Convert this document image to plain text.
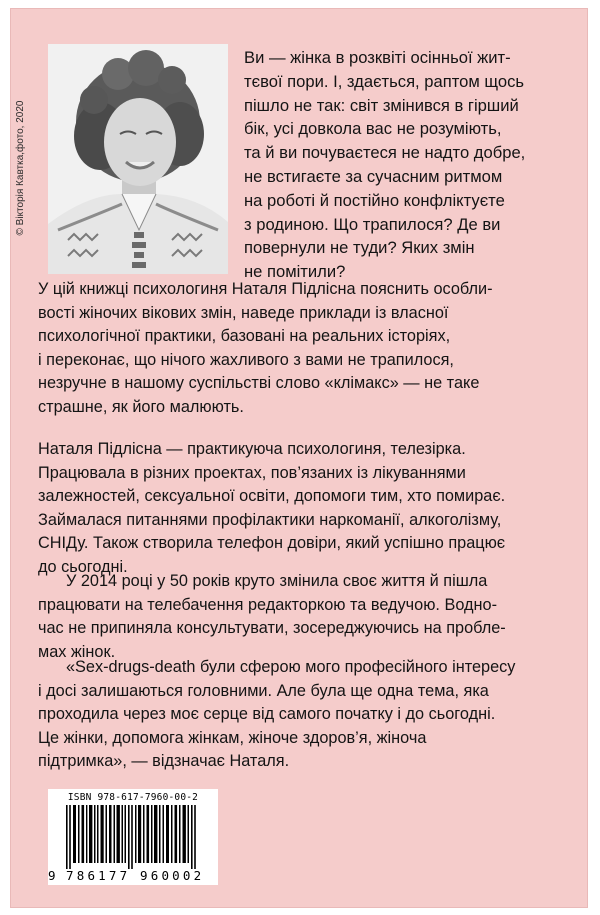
© Вікторія Кавтка,фото, 2020
Ви — жінка в розквіті осінньої жит-
тєвої пори. І, здається, раптом щось
пішло не так: світ змінився в гірший
бік, усі довкола вас не розуміють,
та й ви почуваєтеся не надто добре,
не встигаєте за сучасним ритмом
на роботі й постійно конфліктуєте
з родиною. Що трапилося? Де ви
повернули не туди? Яких змін
не помітили?

У цій книжці психологиня Наталя Підлісна пояснить особли-
вості жіночих вікових змін, наведе приклади із власної
психологічної практики, базовані на реальних історіях,
і переконає, що нічого жахливого з вами не трапилося,
незручне в нашому суспільстві слово «клімакс» — не таке
страшне, як його малюють.

Наталя Підлісна — практикуюча психологиня, телезірка.
Працювала в різних проектах, пов’язаних із лікуваннями
залежностей, сексуальної освіти, допомоги тим, хто помирає.
Займалася питаннями профілактики наркоманії, алкоголізму,
СНІДу. Також створила телефон довіри, який успішно працює
до сьогодні.

У 2014 році у 50 років круто змінила своє життя й пішла
працювати на телебачення редакторкою та ведучою. Водно-
час не припиняла консультувати, зосереджуючись на пробле-
мах жінок.

«Sex-drugs-death були сферою мого професійного інтересу
і досі залишаються головними. Але була ще одна тема, яка
проходила через моє серце від самого початку і до сьогодні.
Це жінки, допомога жінкам, жіноче здоров’я, жіноча
підтримка», — відзначає Наталя.

ISBN 978-617-7960-00-2
9 786177 960002
